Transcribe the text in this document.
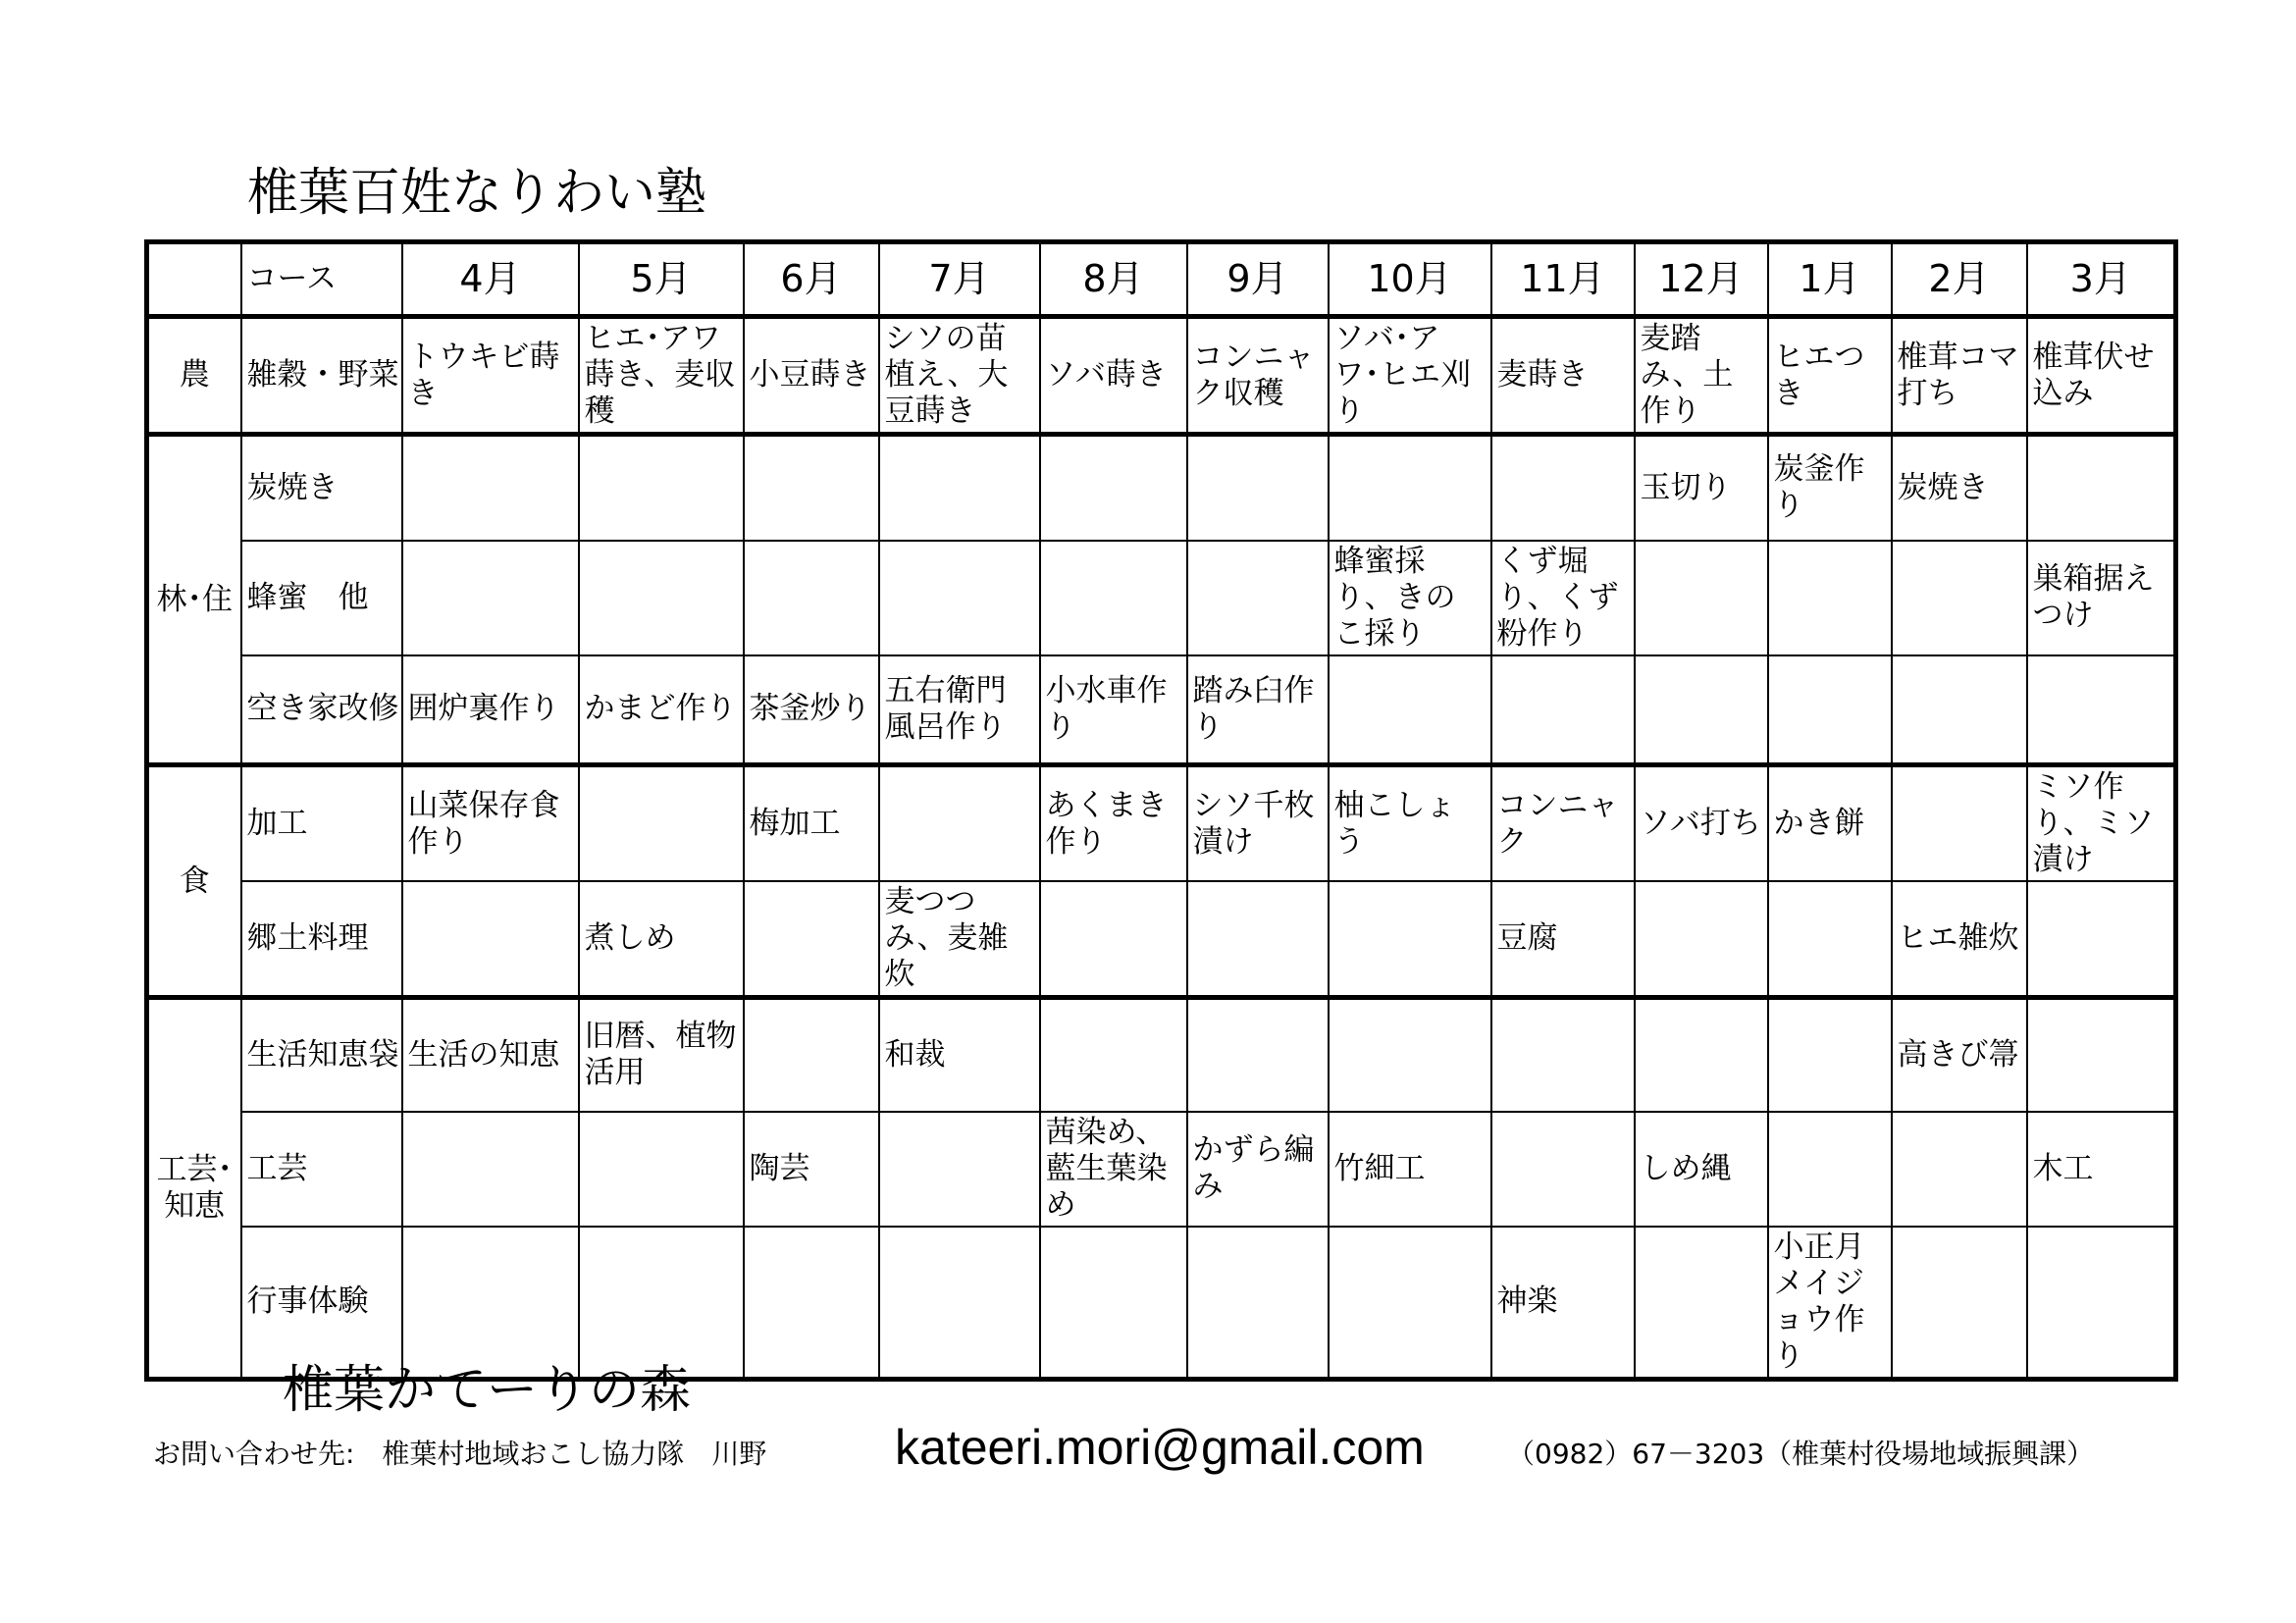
椎葉百姓なりわい塾
	コース	4月	5月	6月	7月	8月	9月	10月	11月	12月	1月	2月	3月
農	雑穀・野菜	トウキビ蒔き	ヒエ･アワ蒔き、麦収穫	小豆蒔き	シソの苗植え、大豆蒔き	ソバ蒔き	コンニャク収穫	ソバ･アワ･ヒエ刈り	麦蒔き	麦踏み、土作り	ヒエつき	椎茸コマ打ち	椎茸伏せ込み
林･住	炭焼き									玉切り	炭釜作り	炭焼き	
	蜂蜜　他							蜂蜜採り、きのこ採り	くず堀り、くず粉作り				巣箱据えつけ
	空き家改修	囲炉裏作り	かまど作り	茶釜炒り	五右衛門風呂作り	小水車作り	踏み臼作り						
食	加工	山菜保存食作り		梅加工		あくまき作り	シソ千枚漬け	柚こしょう	コンニャク	ソバ打ち	かき餅		ミソ作り、ミソ漬け
	郷土料理		煮しめ		麦つつみ、麦雑炊				豆腐			ヒエ雑炊	
工芸･知恵	生活知恵袋	生活の知恵	旧暦、植物活用		和裁							高きび箒	
	工芸			陶芸		茜染め、藍生葉染め	かずら編み	竹細工		しめ縄			木工
	行事体験								神楽		小正月メイジョウ作り		
椎葉かてーりの森
お問い合わせ先:　椎葉村地域おこし協力隊　川野	kateeri.mori@gmail.com	（0982）67－3203（椎葉村役場地域振興課）
